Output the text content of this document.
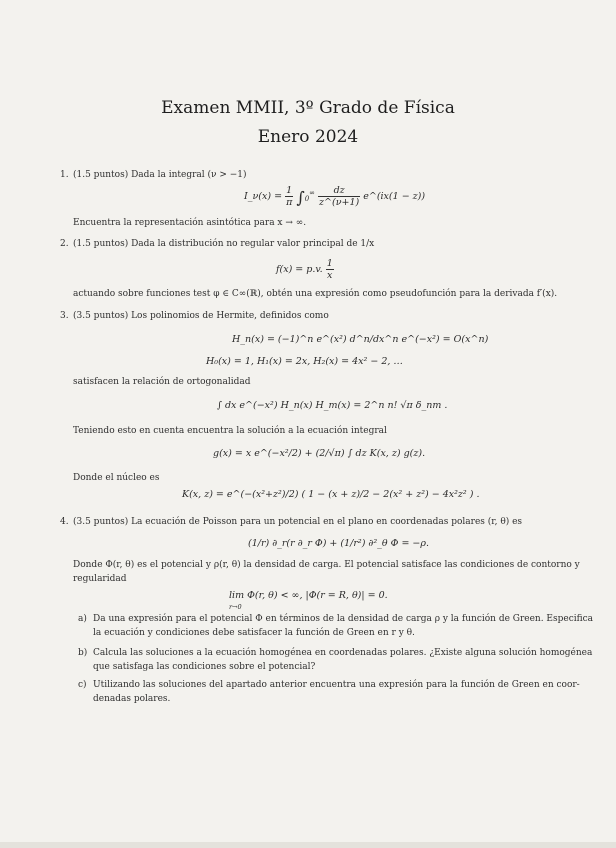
Examen MMII, 3º Grado de Física
Enero 2024
1. (1.5 puntos) Dada la integral (ν > −1)
I_ν(x) = $\frac{1}{\pi} \int_0^\infty \frac{dz}{z\^{}(\nu+1)}$ e^(ix(1 − z))
Encuentra la representación asintótica para x → ∞.
2. (1.5 puntos) Dada la distribución no regular valor principal de 1/x
f(x) = p.v. $\frac{1}{x}$
actuando sobre funciones test φ ∈ C∞(ℝ), obtén una expresión como pseudofunción para la derivada f′(x).
3. (3.5 puntos) Los polinomios de Hermite, definidos como
H_n(x) = (−1)^n e^(x²) d^n/dx^n e^(−x²) = O(x^n)
H₀(x) = 1, H₁(x) = 2x, H₂(x) = 4x² − 2, …
satisfacen la relación de ortogonalidad
∫ dx e^(−x²) H_n(x) H_m(x) = 2^n n! √π δ_nm .
Teniendo esto en cuenta encuentra la solución a la ecuación integral
g(x) = x e^(−x²/2) + (2/√π) ∫ dz K(x, z) g(z).
Donde el núcleo es
K(x, z) = e^(−(x²+z²)/2) ( 1 − (x + z)/2 − 2(x² + z²) − 4x²z² ) .
4. (3.5 puntos) La ecuación de Poisson para un potencial en el plano en coordenadas polares (r, θ) es
(1/r) ∂_r(r ∂_r Φ) + (1/r²) ∂²_θ Φ = −ρ.
Donde Φ(r, θ) es el potencial y ρ(r, θ) la densidad de carga. El potencial satisface las condiciones de contorno y
regularidad
lim Φ(r, θ) < ∞, |Φ(r = R, θ)| = 0.
r→0
a) Da una expresión para el potencial Φ en términos de la densidad de carga ρ y la función de Green. Especifica
la ecuación y condiciones debe satisfacer la función de Green en r y θ.
b) Calcula las soluciones a la ecuación homogénea en coordenadas polares. ¿Existe alguna solución homogénea
que satisfaga las condiciones sobre el potencial?
c) Utilizando las soluciones del apartado anterior encuentra una expresión para la función de Green en coor-
denadas polares.
